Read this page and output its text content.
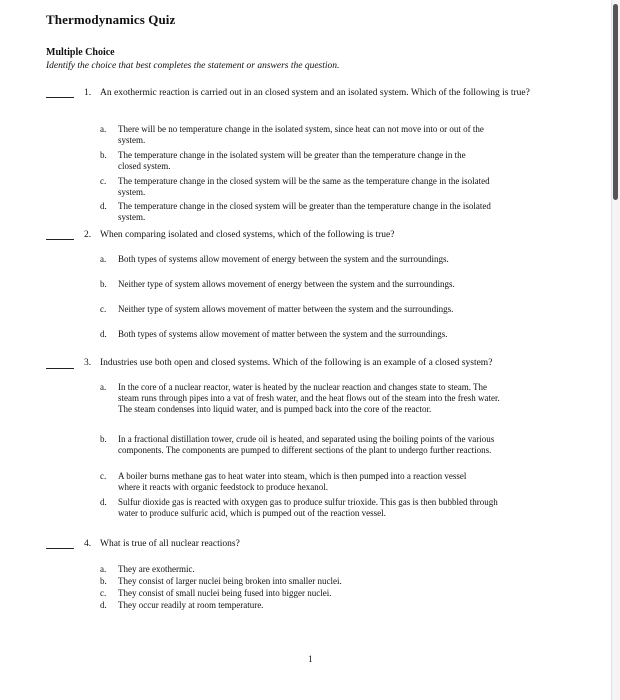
Thermodynamics Quiz
Multiple Choice
Identify the choice that best completes the statement or answers the question.
1. An exothermic reaction is carried out in an closed system and an isolated system. Which of the following is true?
a. There will be no temperature change in the isolated system, since heat can not move into or out of the system.
b. The temperature change in the isolated system will be greater than the temperature change in the closed system.
c. The temperature change in the closed system will be the same as the temperature change in the isolated system.
d. The temperature change in the closed system will be greater than the temperature change in the isolated system.
2. When comparing isolated and closed systems, which of the following is true?
a. Both types of systems allow movement of energy between the system and the surroundings.
b. Neither type of system allows movement of energy between the system and the surroundings.
c. Neither type of system allows movement of matter between the system and the surroundings.
d. Both types of systems allow movement of matter between the system and the surroundings.
3. Industries use both open and closed systems. Which of the following is an example of a closed system?
a. In the core of a nuclear reactor, water is heated by the nuclear reaction and changes state to steam. The steam runs through pipes into a vat of fresh water, and the heat flows out of the steam into the fresh water. The steam condenses into liquid water, and is pumped back into the core of the reactor.
b. In a fractional distillation tower, crude oil is heated, and separated using the boiling points of the various components. The components are pumped to different sections of the plant to undergo further reactions.
c. A boiler burns methane gas to heat water into steam, which is then pumped into a reaction vessel where it reacts with organic feedstock to produce hexanol.
d. Sulfur dioxide gas is reacted with oxygen gas to produce sulfur trioxide. This gas is then bubbled through water to produce sulfuric acid, which is pumped out of the reaction vessel.
4. What is true of all nuclear reactions?
a. They are exothermic.
b. They consist of larger nuclei being broken into smaller nuclei.
c. They consist of small nuclei being fused into bigger nuclei.
d. They occur readily at room temperature.
1
